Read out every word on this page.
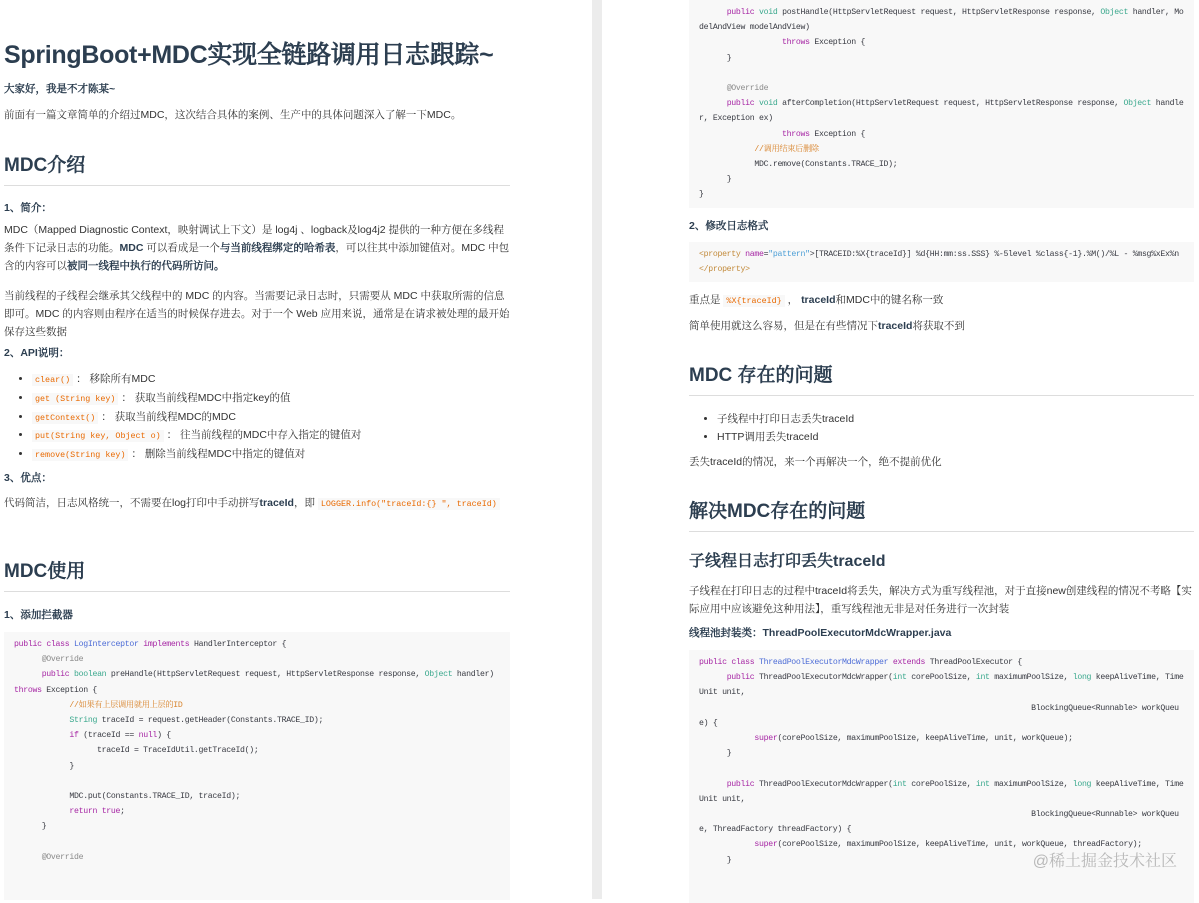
SpringBoot+MDC实现全链路调用日志跟踪~

大家好，我是不才陈某~

前面有一篇文章简单的介绍过MDC，这次结合具体的案例、生产中的具体问题深入了解一下MDC。

MDC介绍

1、简介：

MDC（Mapped Diagnostic Context，映射调试上下文）是 log4j 、logback及log4j2 提供的一种方便在多线程条件下记录日志的功能。MDC 可以看成是一个与当前线程绑定的哈希表，可以往其中添加键值对。MDC 中包含的内容可以被同一线程中执行的代码所访问。

当前线程的子线程会继承其父线程中的 MDC 的内容。当需要记录日志时，只需要从 MDC 中获取所需的信息即可。MDC 的内容则由程序在适当的时候保存进去。对于一个 Web 应用来说，通常是在请求被处理的最开始保存这些数据

2、API说明：

• clear() ： 移除所有MDC
• get (String key) ： 获取当前线程MDC中指定key的值
• getContext() ： 获取当前线程MDC的MDC
• put(String key, Object o) ： 往当前线程的MDC中存入指定的键值对
• remove(String key) ： 删除当前线程MDC中指定的键值对

3、优点：

代码简洁，日志风格统一，不需要在log打印中手动拼写traceId，即 LOGGER.info("traceId:{} ", traceId)

MDC使用

1、添加拦截器

public class LogInterceptor implements HandlerInterceptor {
@Override
public boolean preHandle(HttpServletRequest request, HttpServletResponse response, Object handler) throws Exception {
//如果有上层调用就用上层的ID
String traceId = request.getHeader(Constants.TRACE_ID);
if (traceId == null) {
traceId = TraceIdUtil.getTraceId();
}

MDC.put(Constants.TRACE_ID, traceId);
return true;
}

@Override

public void postHandle(HttpServletRequest request, HttpServletResponse response, Object handler, ModelAndView modelAndView)
throws Exception {
}

@Override
public void afterCompletion(HttpServletRequest request, HttpServletResponse response, Object handler, Exception ex)
throws Exception {
//调用结束后删除
MDC.remove(Constants.TRACE_ID);
}
}

2、修改日志格式

<property name="pattern">[TRACEID:%X{traceId}] %d{HH:mm:ss.SSS} %-5level %class{-1}.%M()/%L - %msg%xEx%n</property>

重点是 %X{traceId} ， traceId和MDC中的键名称一致

简单使用就这么容易，但是在有些情况下traceId将获取不到

MDC 存在的问题
• 子线程中打印日志丢失traceId
• HTTP调用丢失traceId

丢失traceId的情况，来一个再解决一个，绝不提前优化

解决MDC存在的问题
子线程日志打印丢失traceId

子线程在打印日志的过程中traceId将丢失，解决方式为重写线程池，对于直接new创建线程的情况不考略【实际应用中应该避免这种用法】，重写线程池无非是对任务进行一次封装

线程池封装类：ThreadPoolExecutorMdcWrapper.java

public class ThreadPoolExecutorMdcWrapper extends ThreadPoolExecutor {
public ThreadPoolExecutorMdcWrapper(int corePoolSize, int maximumPoolSize, long keepAliveTime, TimeUnit unit,
BlockingQueue<Runnable> workQueue) {
super(corePoolSize, maximumPoolSize, keepAliveTime, unit, workQueue);
}

public ThreadPoolExecutorMdcWrapper(int corePoolSize, int maximumPoolSize, long keepAliveTime, TimeUnit unit,
BlockingQueue<Runnable> workQueue, ThreadFactory threadFactory) {
super(corePoolSize, maximumPoolSize, keepAliveTime, unit, workQueue, threadFactory);
}

	@稀土掘金技术社区
